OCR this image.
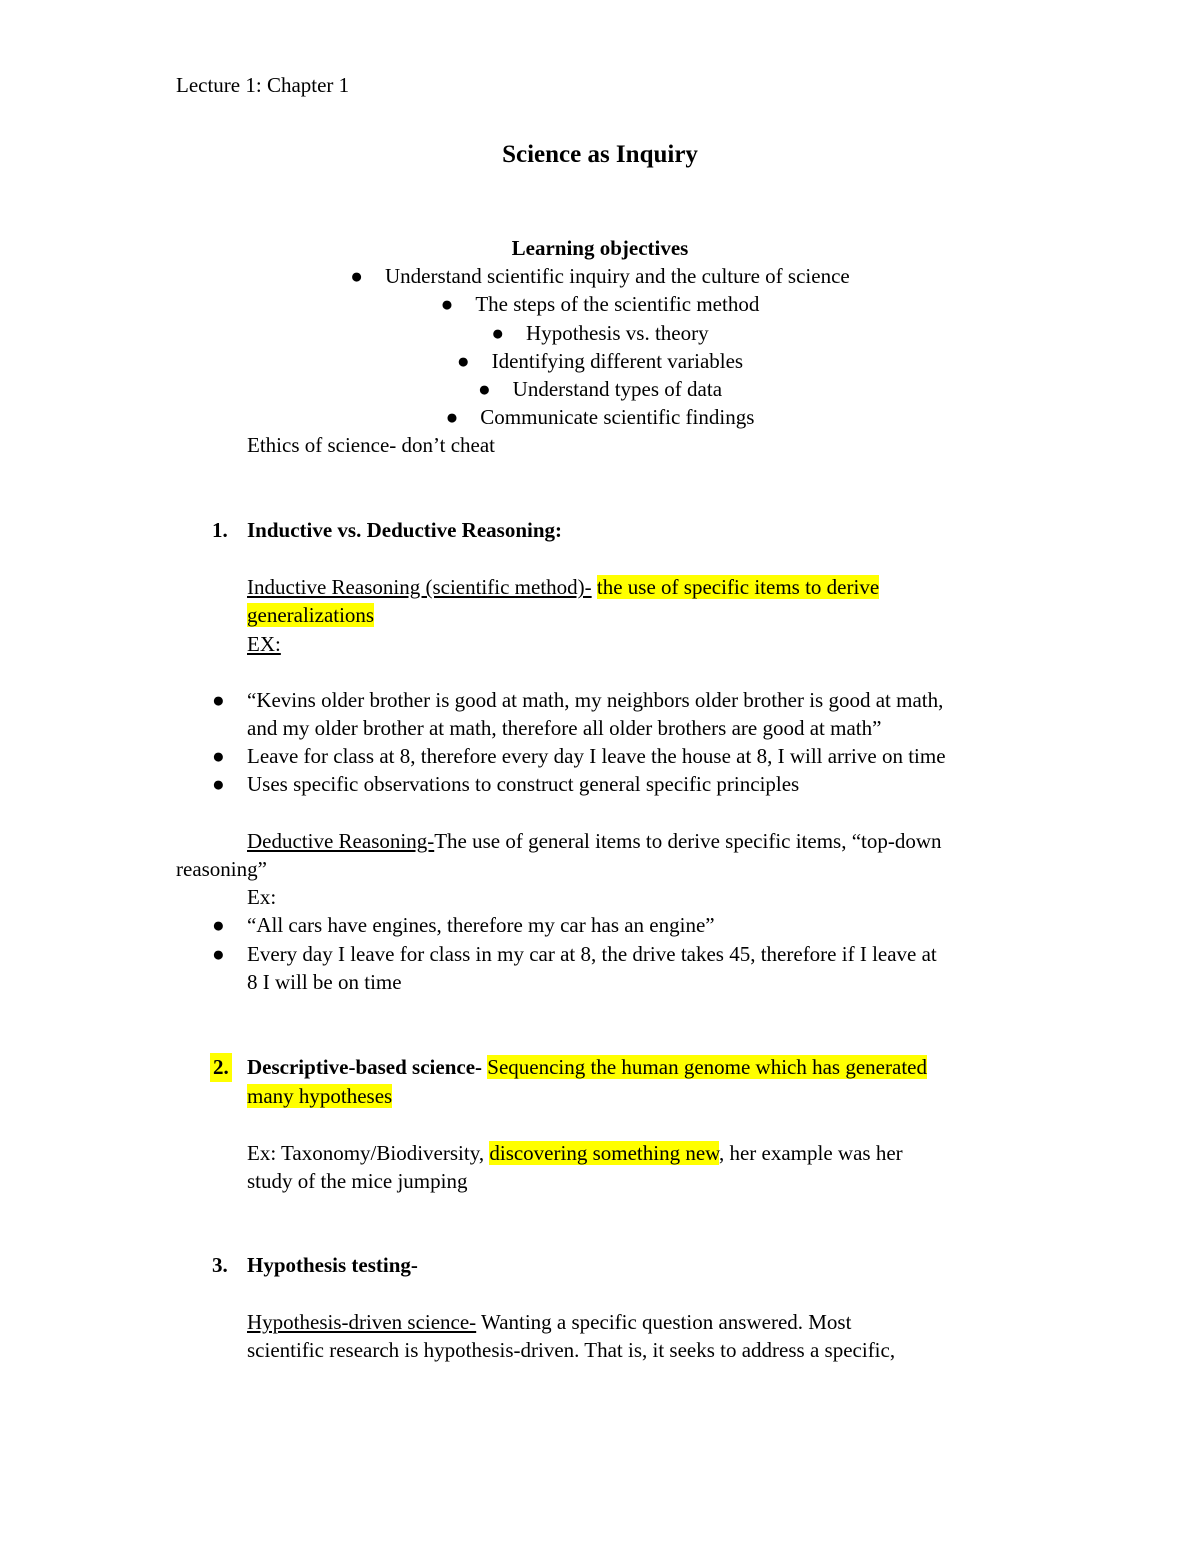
Lecture 1: Chapter 1
Science as Inquiry
Learning objectives
● Understand scientific inquiry and the culture of science
● The steps of the scientific method
● Hypothesis vs. theory
● Identifying different variables
● Understand types of data
● Communicate scientific findings
Ethics of science- don’t cheat
1. Inductive vs. Deductive Reasoning:
Inductive Reasoning (scientific method)- the use of specific items to derive
generalizations
EX:
● “Kevins older brother is good at math, my neighbors older brother is good at math,
and my older brother at math, therefore all older brothers are good at math”
● Leave for class at 8, therefore every day I leave the house at 8, I will arrive on time
● Uses specific observations to construct general specific principles
Deductive Reasoning-The use of general items to derive specific items, “top-down
reasoning”
Ex:
● “All cars have engines, therefore my car has an engine”
● Every day I leave for class in my car at 8, the drive takes 45, therefore if I leave at
8 I will be on time
2. Descriptive-based science- Sequencing the human genome which has generated
many hypotheses
Ex: Taxonomy/Biodiversity, discovering something new, her example was her
study of the mice jumping
3. Hypothesis testing-
Hypothesis-driven science- Wanting a specific question answered. Most
scientific research is hypothesis-driven. That is, it seeks to address a specific,
